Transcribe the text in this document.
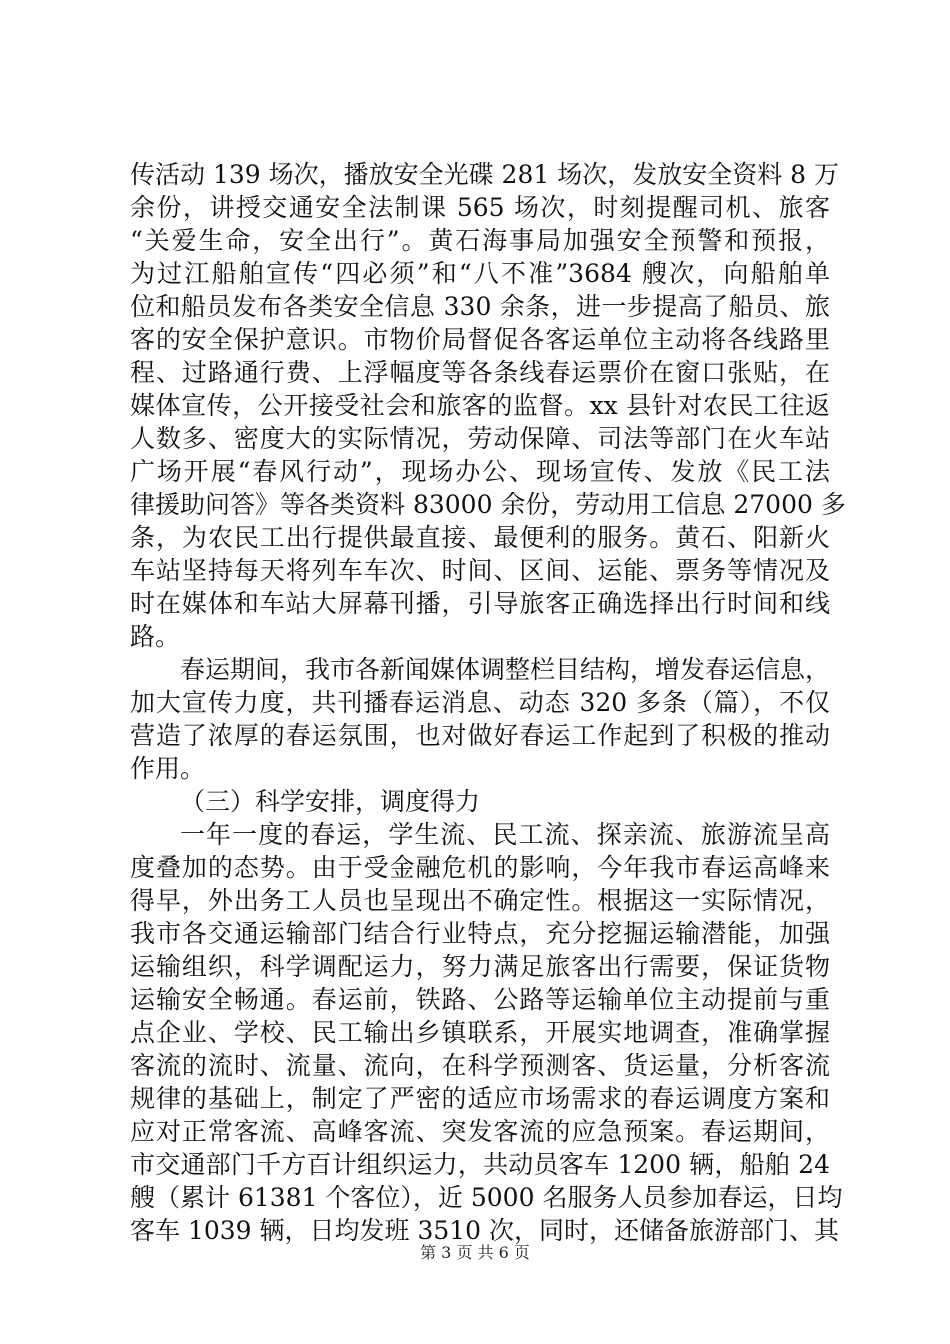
传活动 139 场次，播放安全光碟 281 场次，发放安全资料 8 万
余份，讲授交通安全法制课 565 场次，时刻提醒司机、旅客
“关爱生命，安全出行”。黄石海事局加强安全预警和预报，
为过江船舶宣传“四必须”和“八不准”3684 艘次，向船舶单
位和船员发布各类安全信息 330 余条，进一步提高了船员、旅
客的安全保护意识。市物价局督促各客运单位主动将各线路里
程、过路通行费、上浮幅度等各条线春运票价在窗口张贴，在
媒体宣传，公开接受社会和旅客的监督。xx 县针对农民工往返
人数多、密度大的实际情况，劳动保障、司法等部门在火车站
广场开展“春风行动”，现场办公、现场宣传、发放《民工法
律援助问答》等各类资料 83000 余份，劳动用工信息 27000 多
条，为农民工出行提供最直接、最便利的服务。黄石、阳新火
车站坚持每天将列车车次、时间、区间、运能、票务等情况及
时在媒体和车站大屏幕刊播，引导旅客正确选择出行时间和线
路。
春运期间，我市各新闻媒体调整栏目结构，增发春运信息，
加大宣传力度，共刊播春运消息、动态 320 多条（篇），不仅
营造了浓厚的春运氛围，也对做好春运工作起到了积极的推动
作用。
（三）科学安排，调度得力
一年一度的春运，学生流、民工流、探亲流、旅游流呈高
度叠加的态势。由于受金融危机的影响，今年我市春运高峰来
得早，外出务工人员也呈现出不确定性。根据这一实际情况，
我市各交通运输部门结合行业特点，充分挖掘运输潜能，加强
运输组织，科学调配运力，努力满足旅客出行需要，保证货物
运输安全畅通。春运前，铁路、公路等运输单位主动提前与重
点企业、学校、民工输出乡镇联系，开展实地调查，准确掌握
客流的流时、流量、流向，在科学预测客、货运量，分析客流
规律的基础上，制定了严密的适应市场需求的春运调度方案和
应对正常客流、高峰客流、突发客流的应急预案。春运期间，
市交通部门千方百计组织运力，共动员客车 1200 辆，船舶 24
艘（累计 61381 个客位），近 5000 名服务人员参加春运，日均
客车 1039 辆，日均发班 3510 次，同时，还储备旅游部门、其
第 3 页 共 6 页
